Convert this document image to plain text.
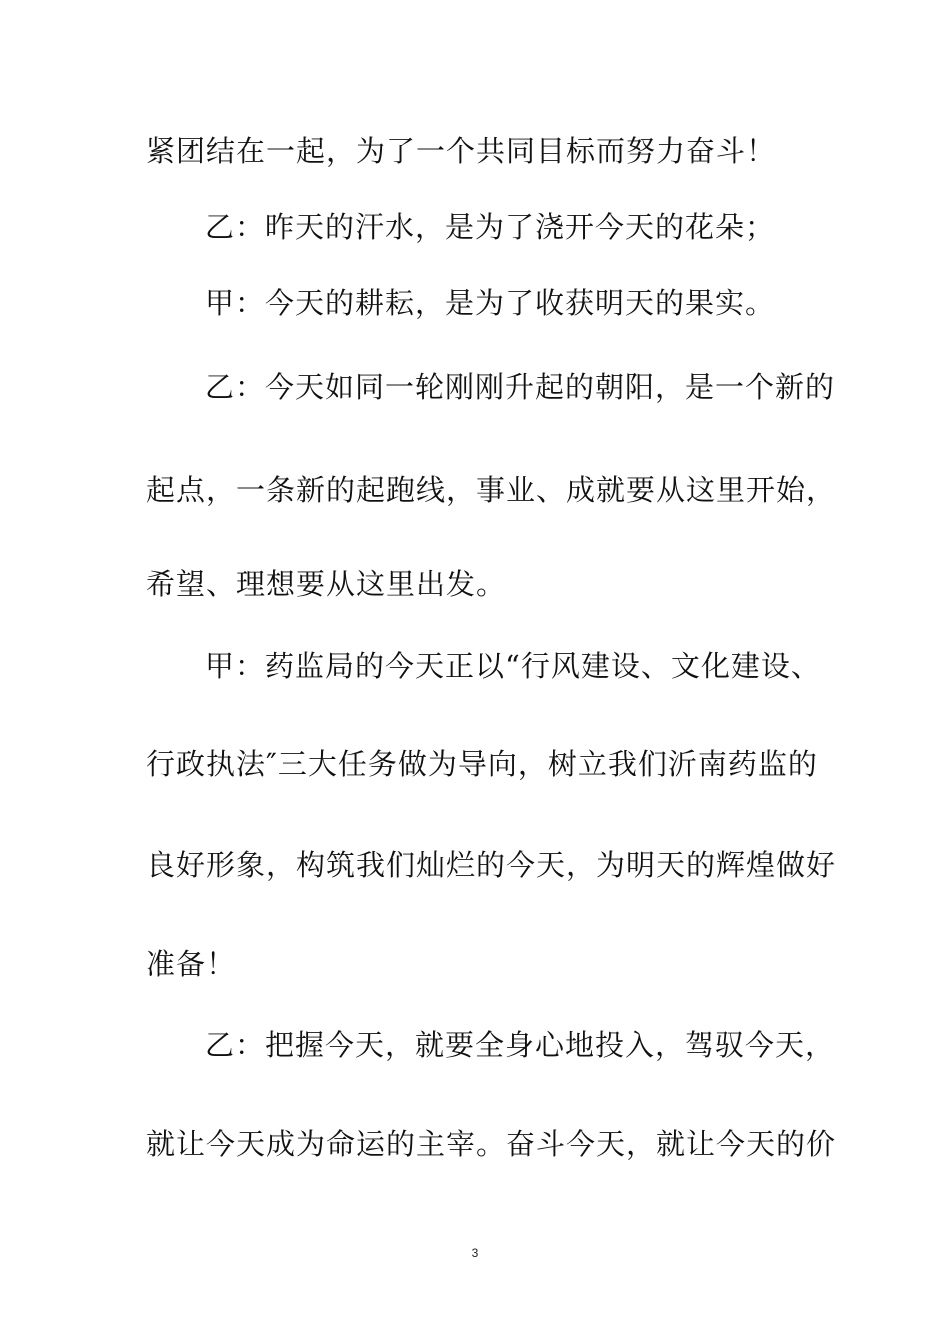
紧团结在一起，为了一个共同目标而努力奋斗！
乙：昨天的汗水，是为了浇开今天的花朵；
甲：今天的耕耘，是为了收获明天的果实。
乙：今天如同一轮刚刚升起的朝阳，是一个新的
起点，一条新的起跑线，事业、成就要从这里开始，
希望、理想要从这里出发。
甲：药监局的今天正以“行风建设、文化建设、
行政执法″三大任务做为导向，树立我们沂南药监的
良好形象，构筑我们灿烂的今天，为明天的辉煌做好
准备！
乙：把握今天，就要全身心地投入，驾驭今天，
就让今天成为命运的主宰。奋斗今天，就让今天的价
3
